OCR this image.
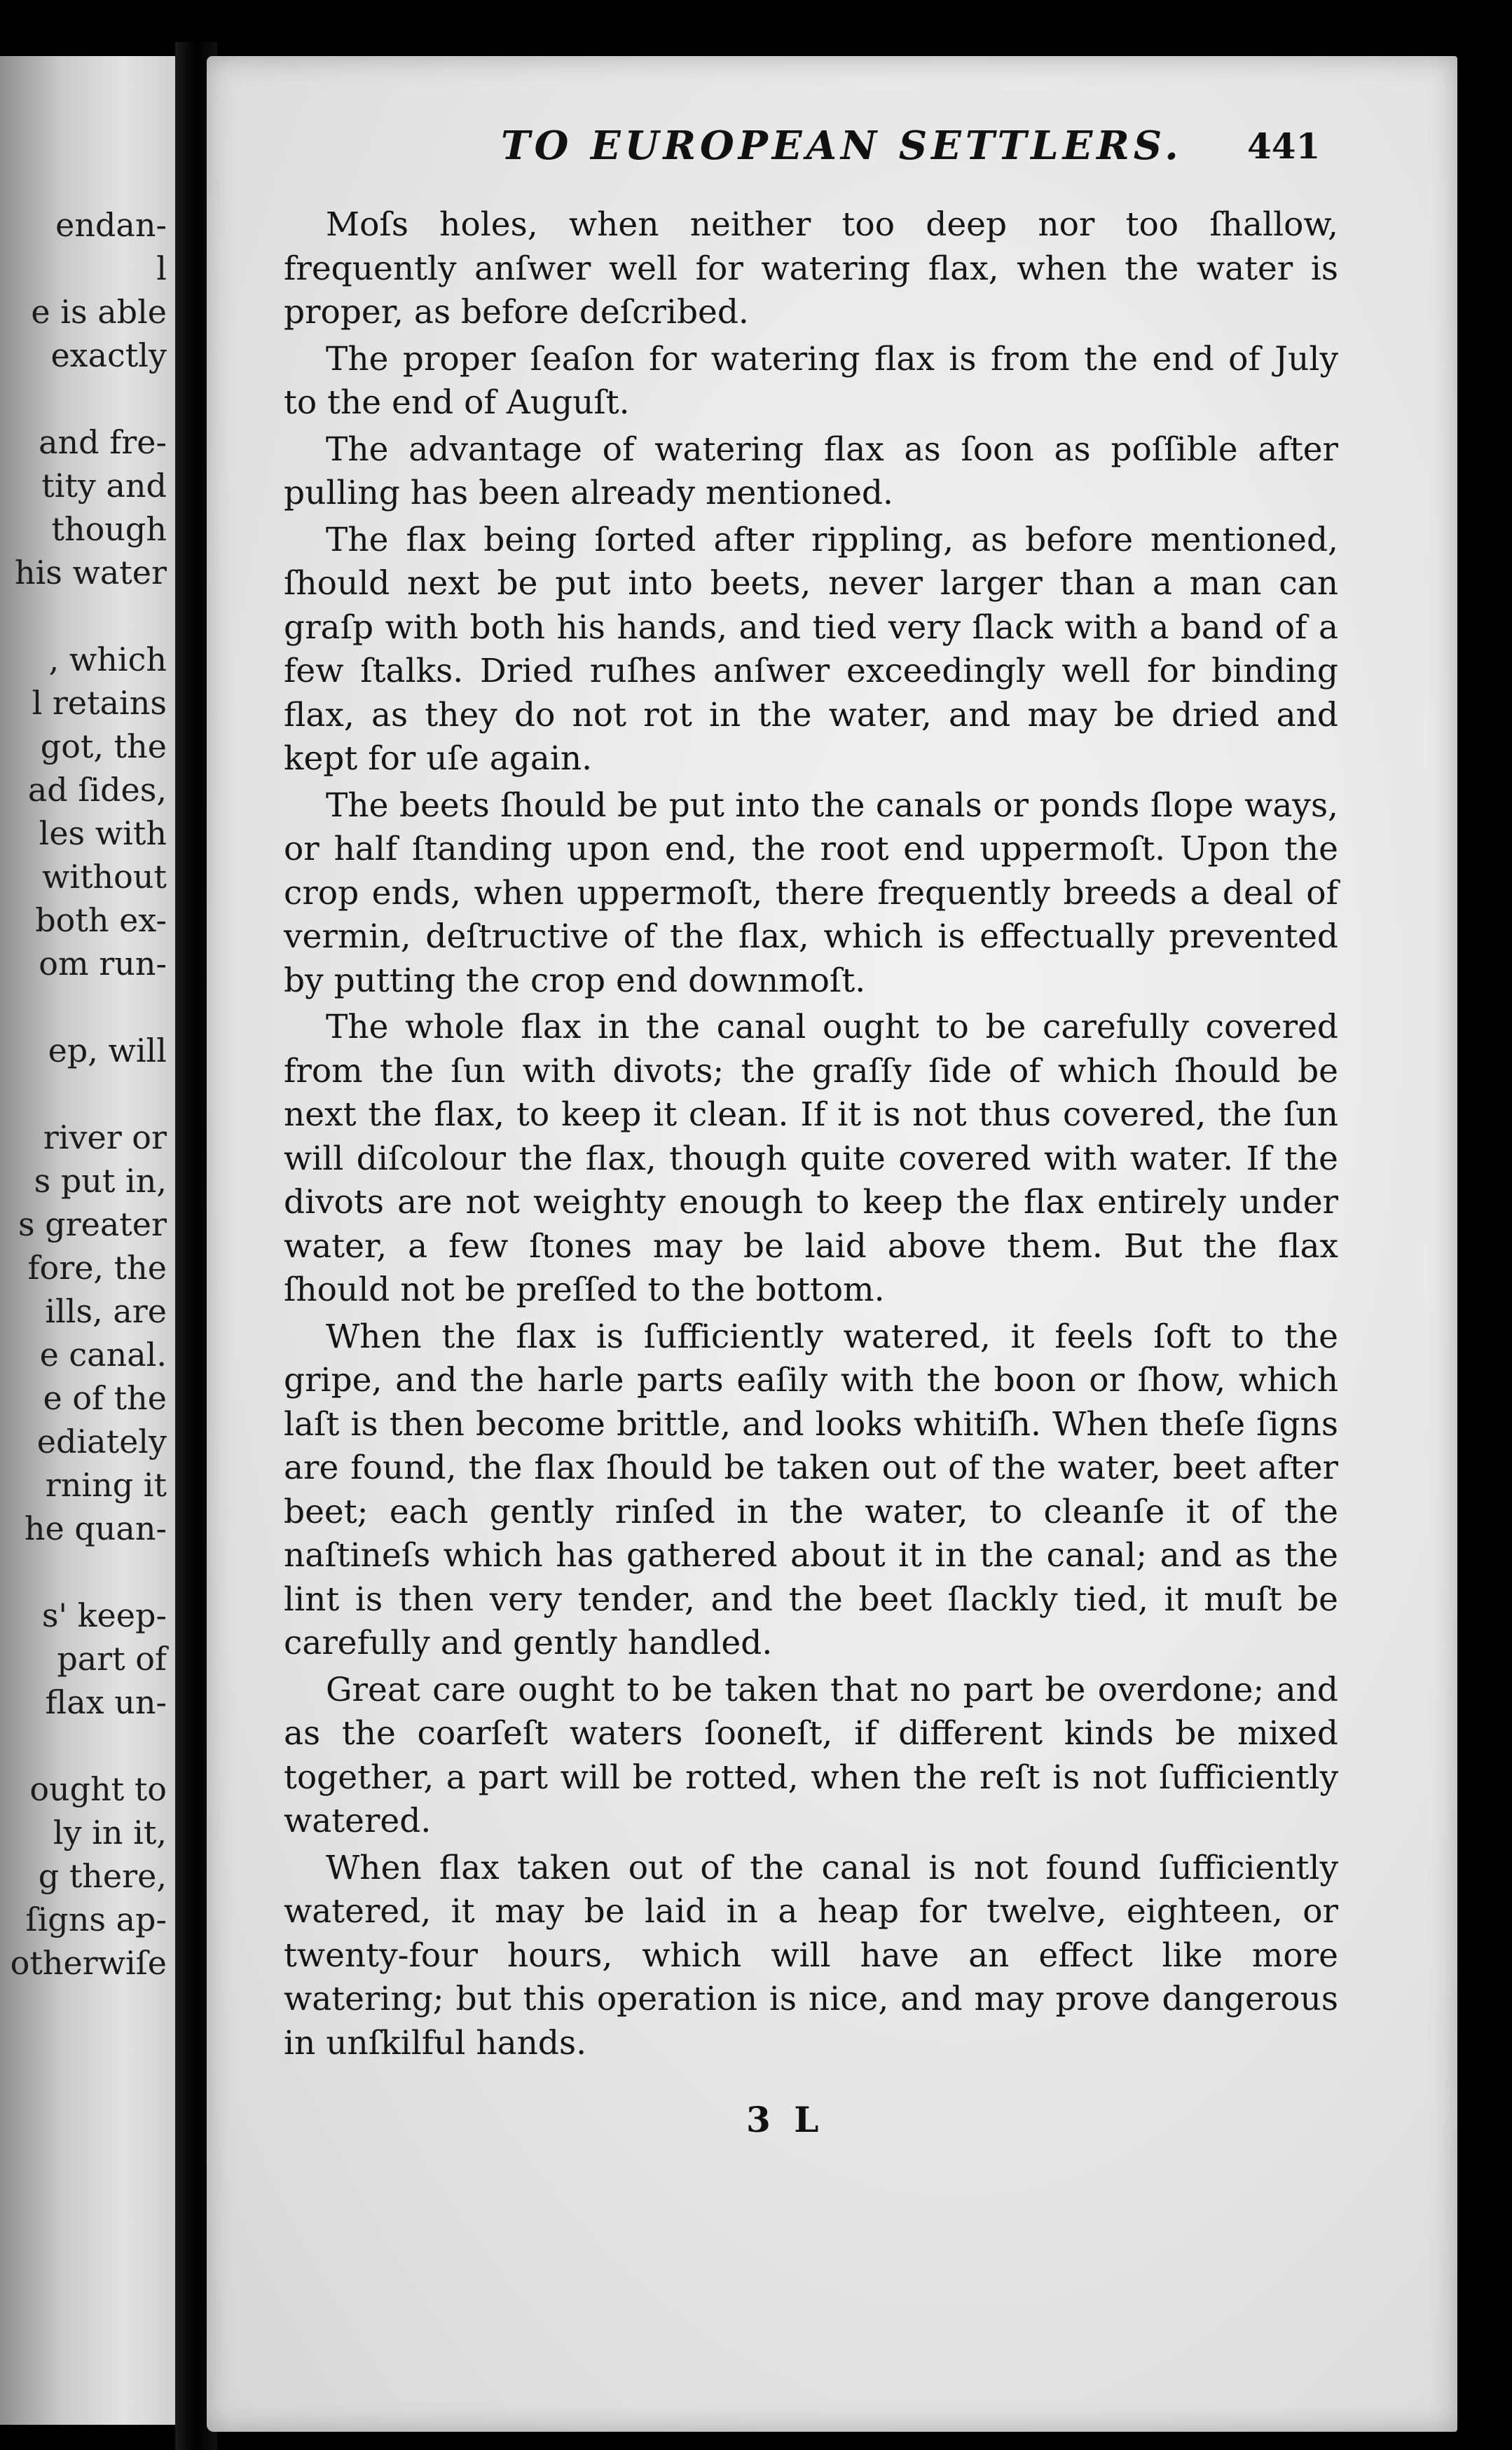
endan-
l
e is able
exactly
and fre-
tity and
though
his water
, which
l retains
got, the
ad ſides,
les with
without
both ex-
om run-
ep, will
river or
s put in,
s greater
fore, the
ills, are
e canal.
e of the
ediately
rning it
he quan-
s' keep-
part of
flax un-
ought to
ly in it,
g there,
ſigns ap-
otherwiſe
TO EUROPEAN SETTLERS. 441

Moſs holes, when neither too deep nor too ſhallow, frequently anſwer well for watering flax, when the water is proper, as before deſcribed.

The proper ſeaſon for watering flax is from the end of July to the end of Auguſt.

The advantage of watering flax as ſoon as poſſible after pulling has been already mentioned.

The flax being ſorted after rippling, as before mentioned, ſhould next be put into beets, never larger than a man can graſp with both his hands, and tied very ſlack with a band of a few ſtalks. Dried ruſhes anſwer exceedingly well for binding flax, as they do not rot in the water, and may be dried and kept for uſe again.

The beets ſhould be put into the canals or ponds ſlope ways, or half ſtanding upon end, the root end uppermoſt. Upon the crop ends, when uppermoſt, there frequently breeds a deal of vermin, deſtructive of the flax, which is effectually prevented by putting the crop end downmoſt.

The whole flax in the canal ought to be carefully covered from the ſun with divots; the graſſy ſide of which ſhould be next the flax, to keep it clean. If it is not thus covered, the ſun will diſcolour the flax, though quite covered with water. If the divots are not weighty enough to keep the flax entirely under water, a few ſtones may be laid above them. But the flax ſhould not be preſſed to the bottom.

When the flax is ſufficiently watered, it feels ſoft to the gripe, and the harle parts eaſily with the boon or ſhow, which laſt is then become brittle, and looks whitiſh. When theſe ſigns are found, the flax ſhould be taken out of the water, beet after beet; each gently rinſed in the water, to cleanſe it of the naſtineſs which has gathered about it in the canal; and as the lint is then very tender, and the beet ſlackly tied, it muſt be carefully and gently handled.

Great care ought to be taken that no part be overdone; and as the coarſeſt waters ſooneſt, if different kinds be mixed together, a part will be rotted, when the reſt is not ſufficiently watered.

When flax taken out of the canal is not found ſufficiently watered, it may be laid in a heap for twelve, eighteen, or twenty-four hours, which will have an effect like more watering; but this operation is nice, and may prove dangerous in unſkilful hands.

3 L
